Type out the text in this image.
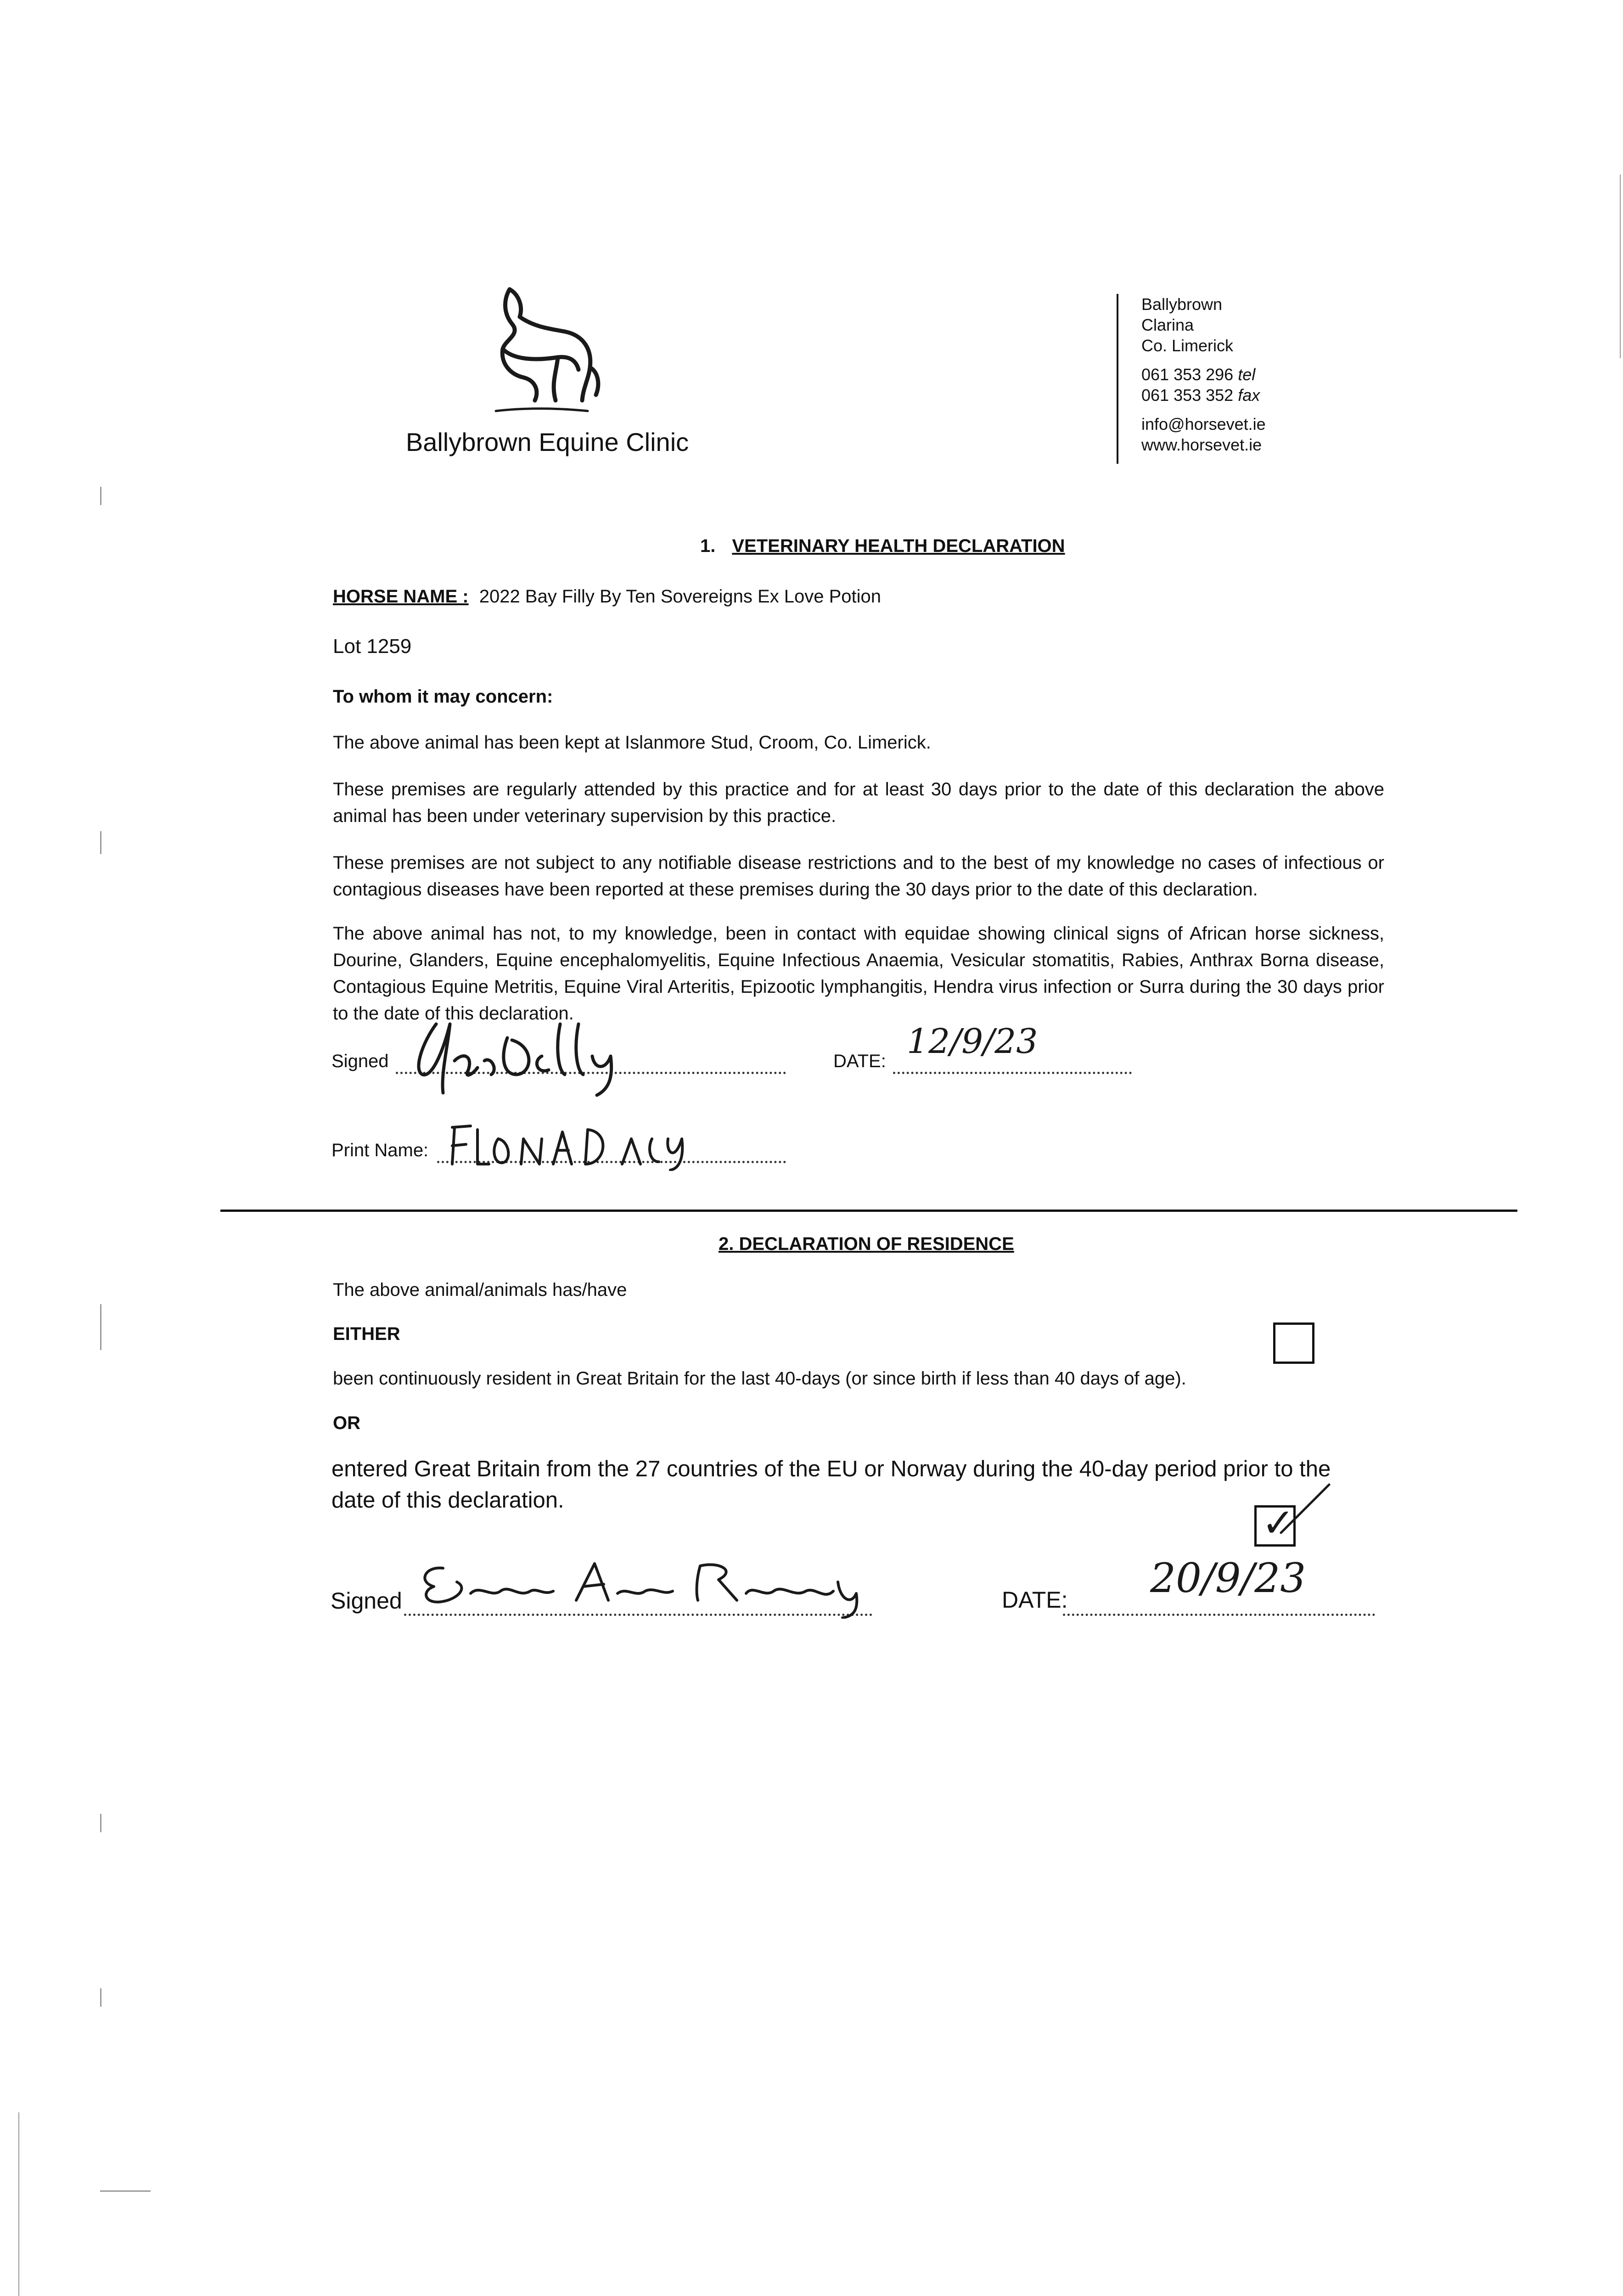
Ballybrown Equine Clinic
Ballybrown
Clarina
Co. Limerick
061 353 296 tel
061 353 352 fax
info@horsevet.ie
www.horsevet.ie
1. VETERINARY HEALTH DECLARATION
HORSE NAME : 2022 Bay Filly By Ten Sovereigns Ex Love Potion
Lot 1259
To whom it may concern:
The above animal has been kept at Islanmore Stud, Croom, Co. Limerick.
These premises are regularly attended by this practice and for at least 30 days prior to the date of this declaration the above animal has been under veterinary supervision by this practice.
These premises are not subject to any notifiable disease restrictions and to the best of my knowledge no cases of infectious or contagious diseases have been reported at these premises during the 30 days prior to the date of this declaration.
The above animal has not, to my knowledge, been in contact with equidae showing clinical signs of African horse sickness, Dourine, Glanders, Equine encephalomyelitis, Equine Infectious Anaemia, Vesicular stomatitis, Rabies, Anthrax Borna disease, Contagious Equine Metritis, Equine Viral Arteritis, Epizootic lymphangitis, Hendra virus infection or Surra during the 30 days prior to the date of this declaration.
Signed	DATE: 12/9/23
Print Name:
2. DECLARATION OF RESIDENCE
The above animal/animals has/have
EITHER
been continuously resident in Great Britain for the last 40-days (or since birth if less than 40 days of age).
OR
entered Great Britain from the 27 countries of the EU or Norway during the 40-day period prior to the date of this declaration.
✓
Signed	DATE: 20/9/23
